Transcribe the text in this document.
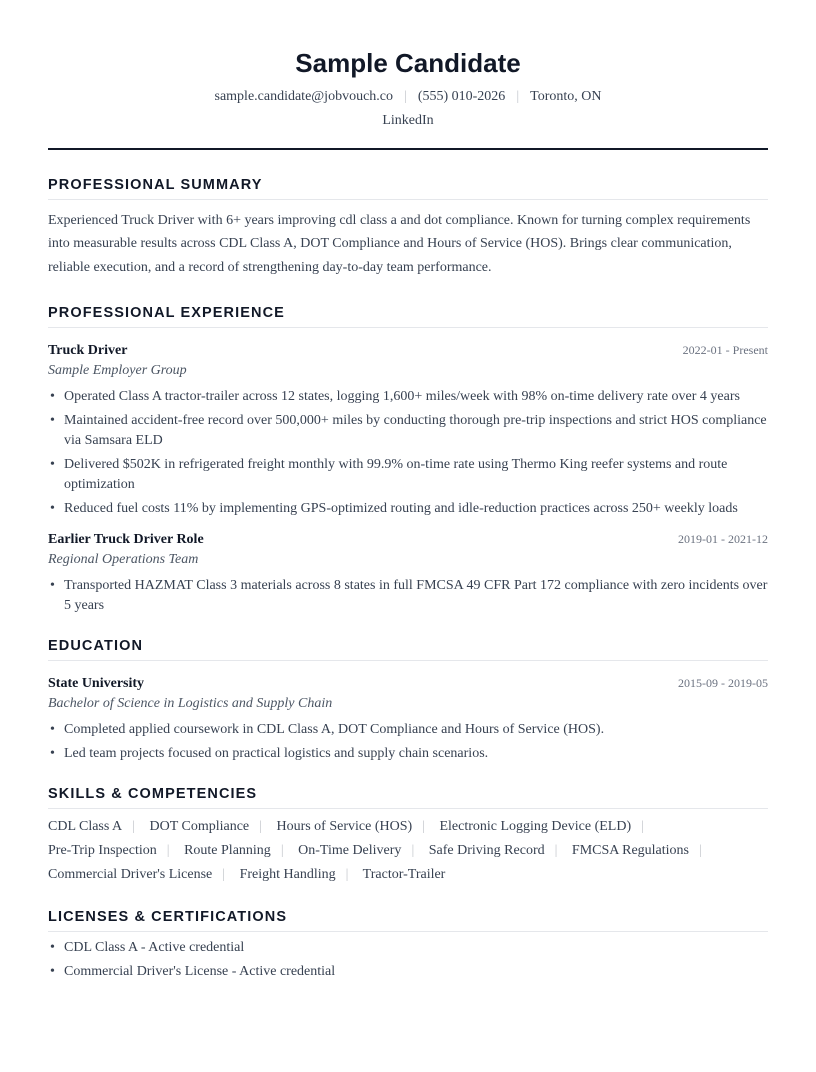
Sample Candidate
sample.candidate@jobvouch.co | (555) 010-2026 | Toronto, ON
LinkedIn
PROFESSIONAL SUMMARY
Experienced Truck Driver with 6+ years improving cdl class a and dot compliance. Known for turning complex requirements into measurable results across CDL Class A, DOT Compliance and Hours of Service (HOS). Brings clear communication, reliable execution, and a record of strengthening day-to-day team performance.
PROFESSIONAL EXPERIENCE
Truck Driver	2022-01 - Present
Sample Employer Group
• Operated Class A tractor-trailer across 12 states, logging 1,600+ miles/week with 98% on-time delivery rate over 4 years
• Maintained accident-free record over 500,000+ miles by conducting thorough pre-trip inspections and strict HOS compliance via Samsara ELD
• Delivered $502K in refrigerated freight monthly with 99.9% on-time rate using Thermo King reefer systems and route optimization
• Reduced fuel costs 11% by implementing GPS-optimized routing and idle-reduction practices across 250+ weekly loads
Earlier Truck Driver Role	2019-01 - 2021-12
Regional Operations Team
• Transported HAZMAT Class 3 materials across 8 states in full FMCSA 49 CFR Part 172 compliance with zero incidents over 5 years
EDUCATION
State University	2015-09 - 2019-05
Bachelor of Science in Logistics and Supply Chain
• Completed applied coursework in CDL Class A, DOT Compliance and Hours of Service (HOS).
• Led team projects focused on practical logistics and supply chain scenarios.
SKILLS & COMPETENCIES
CDL Class A | DOT Compliance | Hours of Service (HOS) | Electronic Logging Device (ELD) |
Pre-Trip Inspection | Route Planning | On-Time Delivery | Safe Driving Record | FMCSA Regulations |
Commercial Driver's License | Freight Handling | Tractor-Trailer
LICENSES & CERTIFICATIONS
• CDL Class A - Active credential
• Commercial Driver's License - Active credential
